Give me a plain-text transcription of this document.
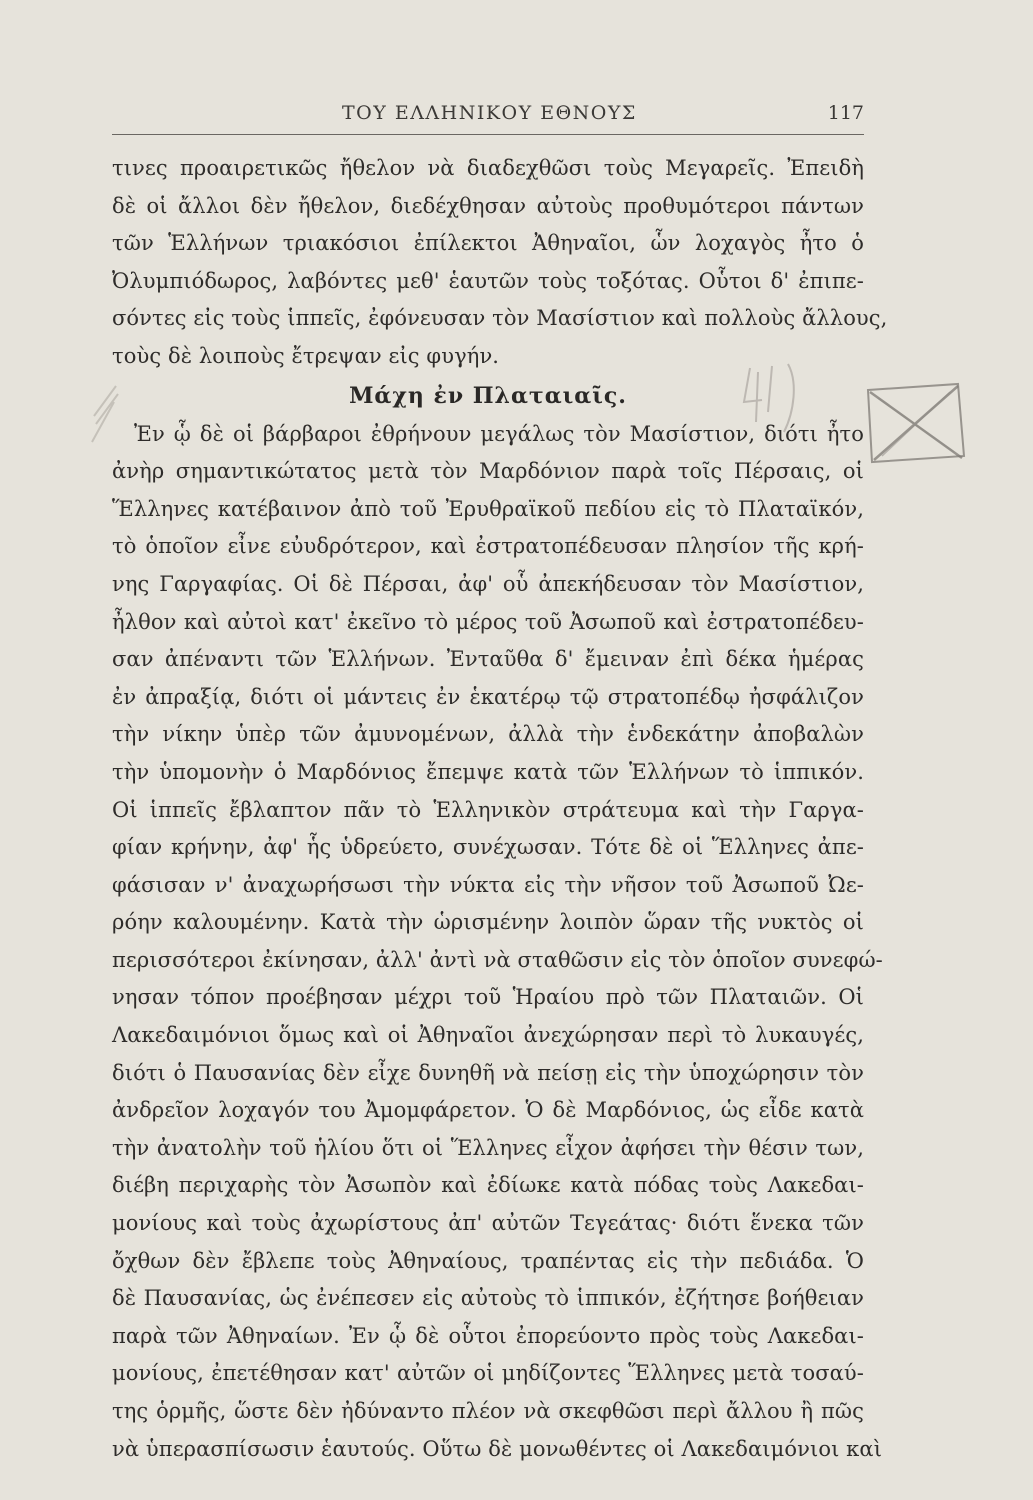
ΤΟΥ ΕΛΛΗΝΙΚΟΥ ΕΘΝΟΥΣ	117
τινες προαιρετικῶς ἤθελον νὰ διαδεχθῶσι τοὺς Μεγαρεῖς. Ἐπειδὴ
δὲ οἱ ἄλλοι δὲν ἤθελον, διεδέχθησαν αὐτοὺς προθυμότεροι πάντων
τῶν Ἑλλήνων τριακόσιοι ἐπίλεκτοι Ἀθηναῖοι, ὧν λοχαγὸς ἦτο ὁ
Ὀλυμπιόδωρος, λαβόντες μεθ' ἑαυτῶν τοὺς τοξότας. Οὗτοι δ' ἐπιπε-
σόντες εἰς τοὺς ἱππεῖς, ἐφόνευσαν τὸν Μασίστιον καὶ πολλοὺς ἄλλους,
τοὺς δὲ λοιποὺς ἔτρεψαν εἰς φυγήν.
Μάχη ἐν Πλαταιαῖς.
Ἐν ᾧ δὲ οἱ βάρβαροι ἐθρήνουν μεγάλως τὸν Μασίστιον, διότι ἦτο
ἀνὴρ σημαντικώτατος μετὰ τὸν Μαρδόνιον παρὰ τοῖς Πέρσαις, οἱ
Ἕλληνες κατέβαινον ἀπὸ τοῦ Ἐρυθραϊκοῦ πεδίου εἰς τὸ Πλαταϊκόν,
τὸ ὁποῖον εἶνε εὐυδρότερον, καὶ ἐστρατοπέδευσαν πλησίον τῆς κρή-
νης Γαργαφίας. Οἱ δὲ Πέρσαι, ἀφ' οὗ ἀπεκήδευσαν τὸν Μασίστιον,
ἦλθον καὶ αὐτοὶ κατ' ἐκεῖνο τὸ μέρος τοῦ Ἀσωποῦ καὶ ἐστρατοπέδευ-
σαν ἀπέναντι τῶν Ἑλλήνων. Ἐνταῦθα δ' ἔμειναν ἐπὶ δέκα ἡμέρας
ἐν ἀπραξίᾳ, διότι οἱ μάντεις ἐν ἑκατέρῳ τῷ στρατοπέδῳ ἠσφάλιζον
τὴν νίκην ὑπὲρ τῶν ἀμυνομένων, ἀλλὰ τὴν ἑνδεκάτην ἀποβαλὼν
τὴν ὑπομονὴν ὁ Μαρδόνιος ἔπεμψε κατὰ τῶν Ἑλλήνων τὸ ἱππικόν.
Οἱ ἱππεῖς ἔβλαπτον πᾶν τὸ Ἑλληνικὸν στράτευμα καὶ τὴν Γαργα-
φίαν κρήνην, ἀφ' ἧς ὑδρεύετο, συνέχωσαν. Τότε δὲ οἱ Ἕλληνες ἀπε-
φάσισαν ν' ἀναχωρήσωσι τὴν νύκτα εἰς τὴν νῆσον τοῦ Ἀσωποῦ Ὠε-
ρόην καλουμένην. Κατὰ τὴν ὡρισμένην λοιπὸν ὥραν τῆς νυκτὸς οἱ
περισσότεροι ἐκίνησαν, ἀλλ' ἀντὶ νὰ σταθῶσιν εἰς τὸν ὁποῖον συνεφώ-
νησαν τόπον προέβησαν μέχρι τοῦ Ἡραίου πρὸ τῶν Πλαταιῶν. Οἱ
Λακεδαιμόνιοι ὅμως καὶ οἱ Ἀθηναῖοι ἀνεχώρησαν περὶ τὸ λυκαυγές,
διότι ὁ Παυσανίας δὲν εἶχε δυνηθῆ νὰ πείσῃ εἰς τὴν ὑποχώρησιν τὸν
ἀνδρεῖον λοχαγόν του Ἀμομφάρετον. Ὁ δὲ Μαρδόνιος, ὡς εἶδε κατὰ
τὴν ἀνατολὴν τοῦ ἡλίου ὅτι οἱ Ἕλληνες εἶχον ἀφήσει τὴν θέσιν των,
διέβη περιχαρὴς τὸν Ἀσωπὸν καὶ ἐδίωκε κατὰ πόδας τοὺς Λακεδαι-
μονίους καὶ τοὺς ἀχωρίστους ἀπ' αὐτῶν Τεγεάτας· διότι ἕνεκα τῶν
ὄχθων δὲν ἔβλεπε τοὺς Ἀθηναίους, τραπέντας εἰς τὴν πεδιάδα. Ὁ
δὲ Παυσανίας, ὡς ἐνέπεσεν εἰς αὐτοὺς τὸ ἱππικόν, ἐζήτησε βοήθειαν
παρὰ τῶν Ἀθηναίων. Ἐν ᾧ δὲ οὗτοι ἐπορεύοντο πρὸς τοὺς Λακεδαι-
μονίους, ἐπετέθησαν κατ' αὐτῶν οἱ μηδίζοντες Ἕλληνες μετὰ τοσαύ-
της ὁρμῆς, ὥστε δὲν ἠδύναντο πλέον νὰ σκεφθῶσι περὶ ἄλλου ἢ πῶς
νὰ ὑπερασπίσωσιν ἑαυτούς. Οὕτω δὲ μονωθέντες οἱ Λακεδαιμόνιοι καὶ
